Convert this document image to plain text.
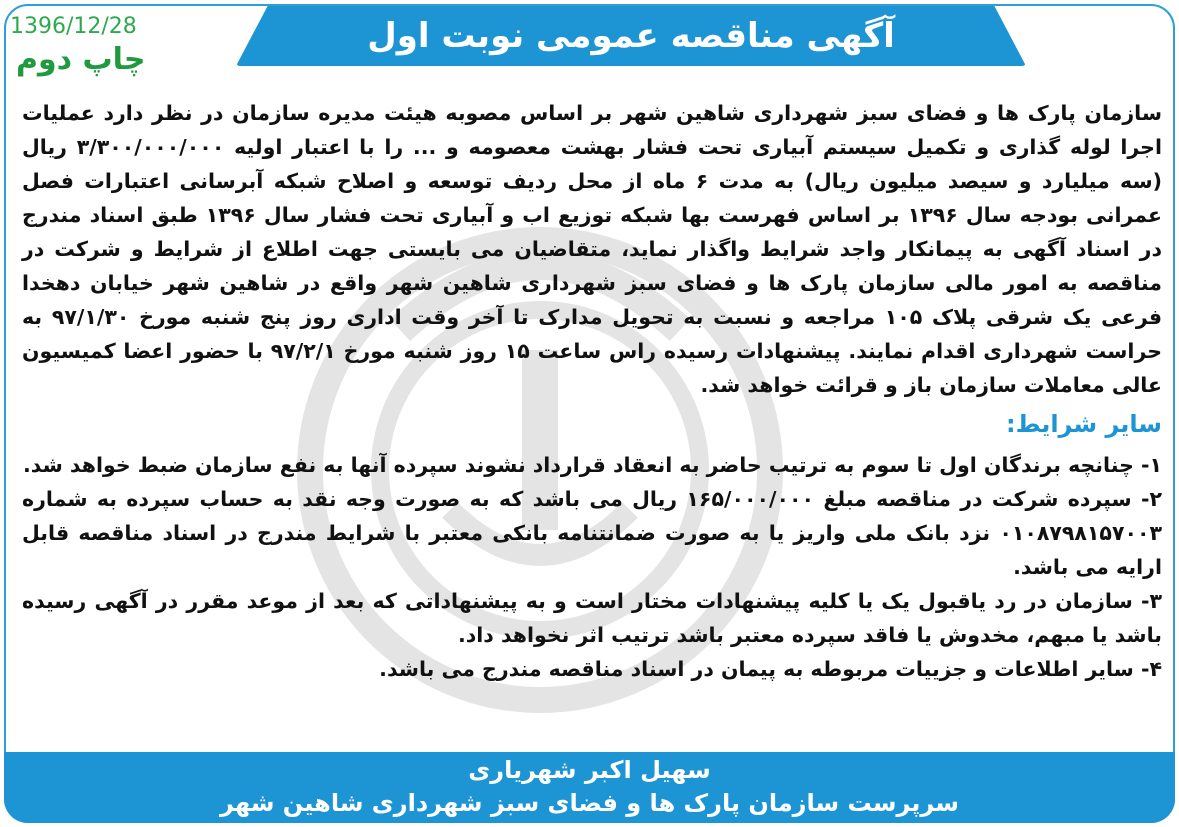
آگهی مناقصه عمومی نوبت اول
1396/12/28
چاپ دوم
سازمان پارک ها و فضای سبز شهرداری شاهین شهر بر اساس مصوبه هیئت مدیره سازمان در نظر دارد عملیات اجرا لوله گذاری و تکمیل سیستم آبیاری تحت فشار بهشت معصومه و ... را با اعتبار اولیه ۳/۳۰۰/۰۰۰/۰۰۰ ریال (سه میلیارد و سیصد میلیون ریال) به مدت ۶ ماه از محل ردیف توسعه و اصلاح شبکه آبرسانی اعتبارات فصل عمرانی بودجه سال ۱۳۹۶ بر اساس فهرست بها شبکه توزیع اب و آبیاری تحت فشار سال ۱۳۹۶ طبق اسناد مندرج در اسناد آگهی به پیمانکار واجد شرایط واگذار نماید، متقاضیان می بایستی جهت اطلاع از شرایط و شرکت در مناقصه به امور مالی سازمان پارک ها و فضای سبز شهرداری شاهین شهر واقع در شاهین شهر خیابان دهخدا فرعی یک شرقی پلاک ۱۰۵ مراجعه و نسبت به تحویل مدارک تا آخر وقت اداری روز پنج شنبه مورخ ۹۷/۱/۳۰ به حراست شهرداری اقدام نمایند. پیشنهادات رسیده راس ساعت ۱۵ روز شنبه مورخ ۹۷/۲/۱ با حضور اعضا کمیسیون عالی معاملات سازمان باز و قرائت خواهد شد.
سایر شرایط:
۱- چنانچه برندگان اول تا سوم به ترتیب حاضر به انعقاد قرارداد نشوند سپرده آنها به نفع سازمان ضبط خواهد شد.
۲- سپرده شرکت در مناقصه مبلغ ۱۶۵/۰۰۰/۰۰۰ ریال می باشد که به صورت وجه نقد به حساب سپرده به شماره ۰۱۰۸۷۹۸۱۵۷۰۰۳ نزد بانک ملی واریز یا به صورت ضمانتنامه بانکی معتبر با شرایط مندرج در اسناد مناقصه قابل ارایه می باشد.
۳- سازمان در رد یاقبول یک یا کلیه پیشنهادات مختار است و به پیشنهاداتی که بعد از موعد مقرر در آگهی رسیده باشد یا مبهم، مخدوش یا فاقد سپرده معتبر باشد ترتیب اثر نخواهد داد.
۴- سایر اطلاعات و جزییات مربوطه به پیمان در اسناد مناقصه مندرج می باشد.
سهیل اکبر شهریاری
سرپرست سازمان پارک ها و فضای سبز شهرداری شاهین شهر
